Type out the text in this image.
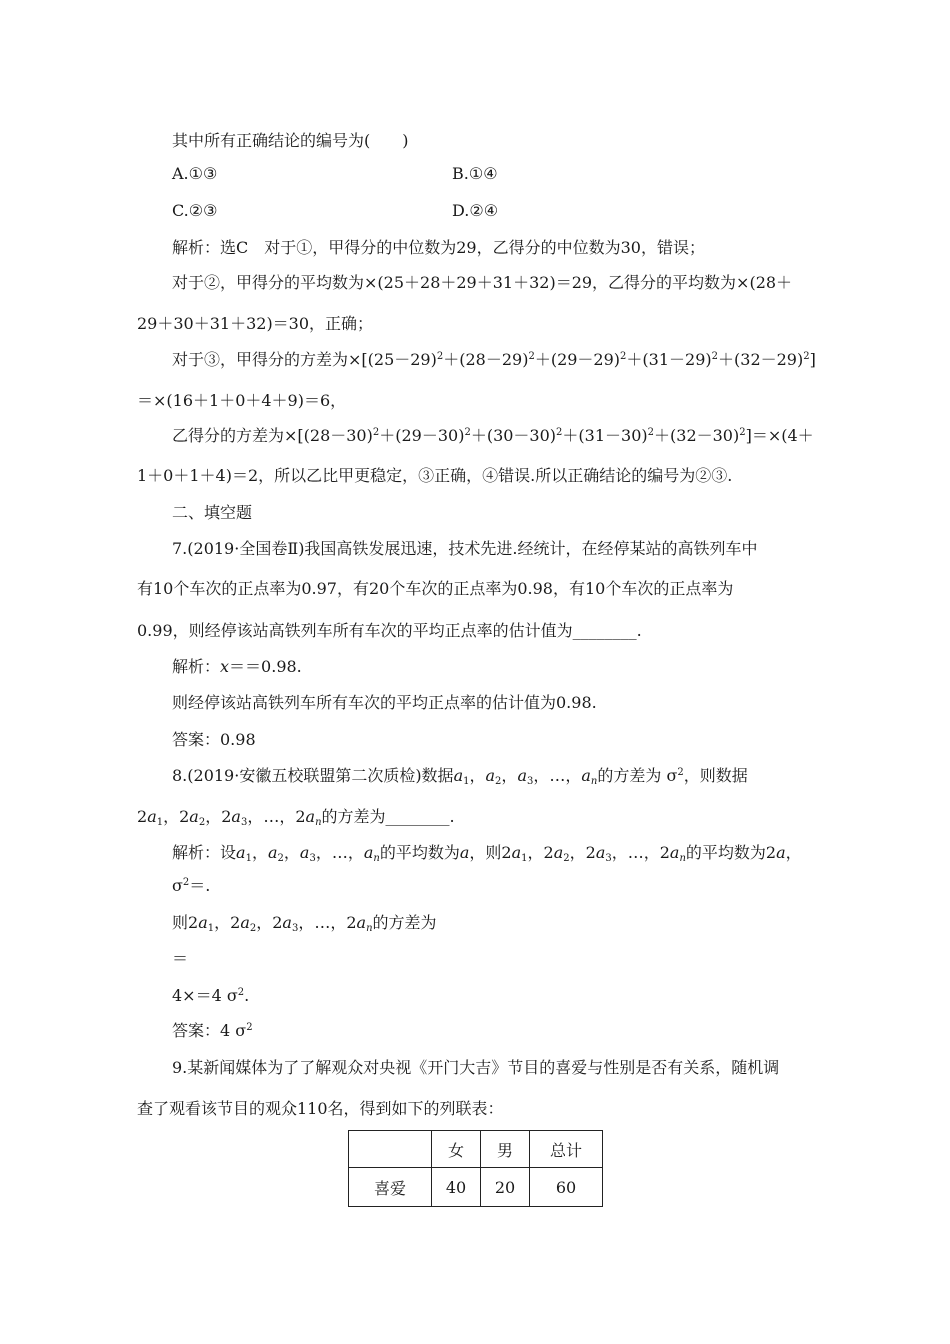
其中所有正确结论的编号为(　　)
A.①③	B.①④
C.②③	D.②④
解析：选C　对于①，甲得分的中位数为29，乙得分的中位数为30，错误；
对于②，甲得分的平均数为×(25＋28＋29＋31＋32)＝29，乙得分的平均数为×(28＋
29＋30＋31＋32)＝30，正确；
对于③，甲得分的方差为$\times[(25-29)^2+(28-29)^2+(29-29)^2+(31-29)^2+(32-29)^2]$
＝×(16＋1＋0＋4＋9)＝6，
乙得分的方差为$\times[(28-30)^2+(29-30)^2+(30-30)^2+(31-30)^2+(32-30)^2]=\times(4+$
1＋0＋1＋4)＝2，所以乙比甲更稳定，③正确，④错误.所以正确结论的编号为②③.
二、填空题
7.(2019·全国卷Ⅱ)我国高铁发展迅速，技术先进.经统计，在经停某站的高铁列车中
有10个车次的正点率为0.97，有20个车次的正点率为0.98，有10个车次的正点率为
0.99，则经停该站高铁列车所有车次的平均正点率的估计值为________.
解析：x＝＝0.98.
则经停该站高铁列车所有车次的平均正点率的估计值为0.98.
答案：0.98
8.(2019·安徽五校联盟第二次质检)数据$a_1$，$a_2$，$a_3$，…，$a_n$的方差为 $\sigma^2$，则数据
$2a_1$，$2a_2$，$2a_3$，…，$2a_n$的方差为________.
解析：设$a_1$，$a_2$，$a_3$，…，$a_n$的平均数为a，则$2a_1$，$2a_2$，$2a_3$，…，$2a_n$的平均数为2a，
$\sigma^2=$.
则$2a_1$，$2a_2$，$2a_3$，…，$2a_n$的方差为
＝
4×＝4 $\sigma^2$.
答案：4 $\sigma^2$
9.某新闻媒体为了了解观众对央视《开门大吉》节目的喜爱与性别是否有关系，随机调
查了观看该节目的观众110名，得到如下的列联表：
	女	男	总计
喜爱	40	20	60
